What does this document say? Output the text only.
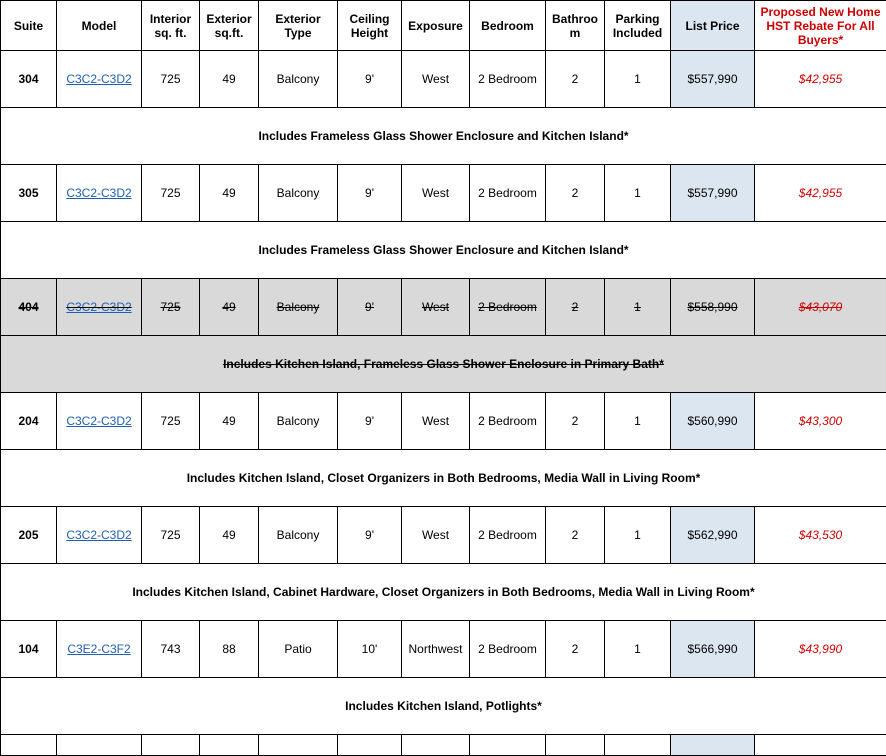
Suite	Model	Interior sq. ft.	Exterior sq.ft.	Exterior Type	Ceiling Height	Exposure	Bedroom	Bathroo m	Parking Included	List Price	Proposed New Home HST Rebate For All Buyers*
304	C3C2-C3D2	725	49	Balcony	9'	West	2 Bedroom	2	1	$557,990	$42,955
Includes Frameless Glass Shower Enclosure and Kitchen Island*											
305	C3C2-C3D2	725	49	Balcony	9'	West	2 Bedroom	2	1	$557,990	$42,955
Includes Frameless Glass Shower Enclosure and Kitchen Island*											
404	C3C2-C3D2	725	49	Balcony	9'	West	2 Bedroom	2	1	$558,990	$43,070
Includes Kitchen Island, Frameless Glass Shower Enclosure in Primary Bath*											
204	C3C2-C3D2	725	49	Balcony	9'	West	2 Bedroom	2	1	$560,990	$43,300
Includes Kitchen Island, Closet Organizers in Both Bedrooms, Media Wall in Living Room*											
205	C3C2-C3D2	725	49	Balcony	9'	West	2 Bedroom	2	1	$562,990	$43,530
Includes Kitchen Island, Cabinet Hardware, Closet Organizers in Both Bedrooms, Media Wall in Living Room*											
104	C3E2-C3F2	743	88	Patio	10'	Northwest	2 Bedroom	2	1	$566,990	$43,990
Includes Kitchen Island, Potlights*											
